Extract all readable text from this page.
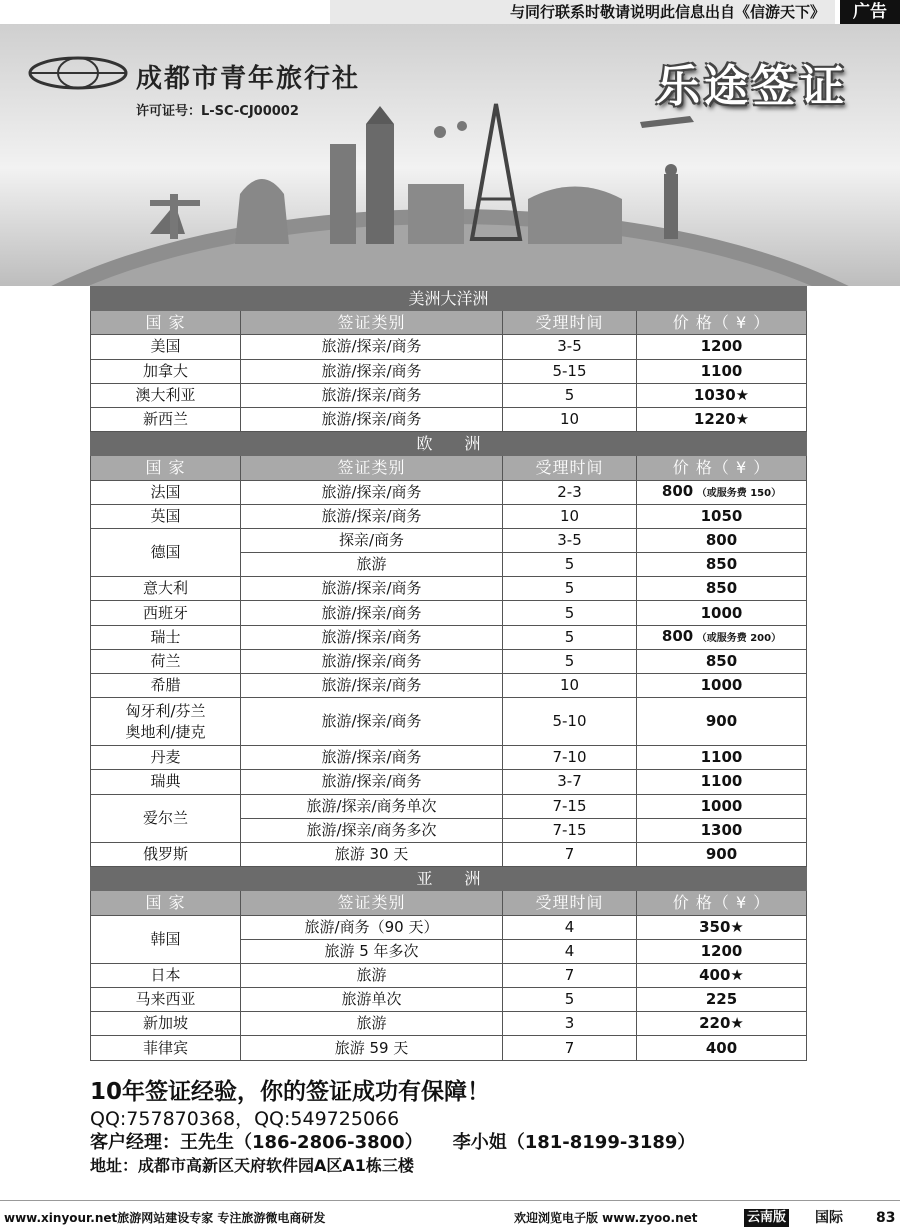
与同行联系时敬请说明此信息出自《信游天下》	广告
成都市青年旅行社
许可证号：L-SC-CJ00002	乐途签证
美洲大洋洲			
国 家	签证类别	受理时间	价 格（ ¥ ）
美国	旅游/探亲/商务	3-5	1200
加拿大	旅游/探亲/商务	5-15	1100
澳大利亚	旅游/探亲/商务	5	1030★
新西兰	旅游/探亲/商务	10	1220★
欧　　洲			
国 家	签证类别	受理时间	价 格（ ¥ ）
法国	旅游/探亲/商务	2-3	800 （或服务费 150）
英国	旅游/探亲/商务	10	1050
德国	探亲/商务	3-5	800
	旅游	5	850
意大利	旅游/探亲/商务	5	850
西班牙	旅游/探亲/商务	5	1000
瑞士	旅游/探亲/商务	5	800 （或服务费 200）
荷兰	旅游/探亲/商务	5	850
希腊	旅游/探亲/商务	10	1000

匈牙利/芬兰
奥地利/捷克	旅游/探亲/商务	5-10	900
丹麦	旅游/探亲/商务	7-10	1100
瑞典	旅游/探亲/商务	3-7	1100
爱尔兰	旅游/探亲/商务单次	7-15	1000
	旅游/探亲/商务多次	7-15	1300
俄罗斯	旅游 30 天	7	900
亚　　洲			
国 家	签证类别	受理时间	价 格（ ¥ ）
韩国	旅游/商务（90 天）	4	350★
	旅游 5 年多次	4	1200
日本	旅游	7	400★
马来西亚	旅游单次	5	225
新加坡	旅游	3	220★
菲律宾	旅游 59 天	7	400
10年签证经验，你的签证成功有保障！
QQ:757870368，QQ:549725066
客户经理：王先生（186-2806-3800） 李小姐（181-8199-3189）
地址：成都市高新区天府软件园A区A1栋三楼
www.xinyour.net旅游网站建设专家 专注旅游微电商研发	欢迎浏览电子版 www.zyoo.net	云南版 国际 83
